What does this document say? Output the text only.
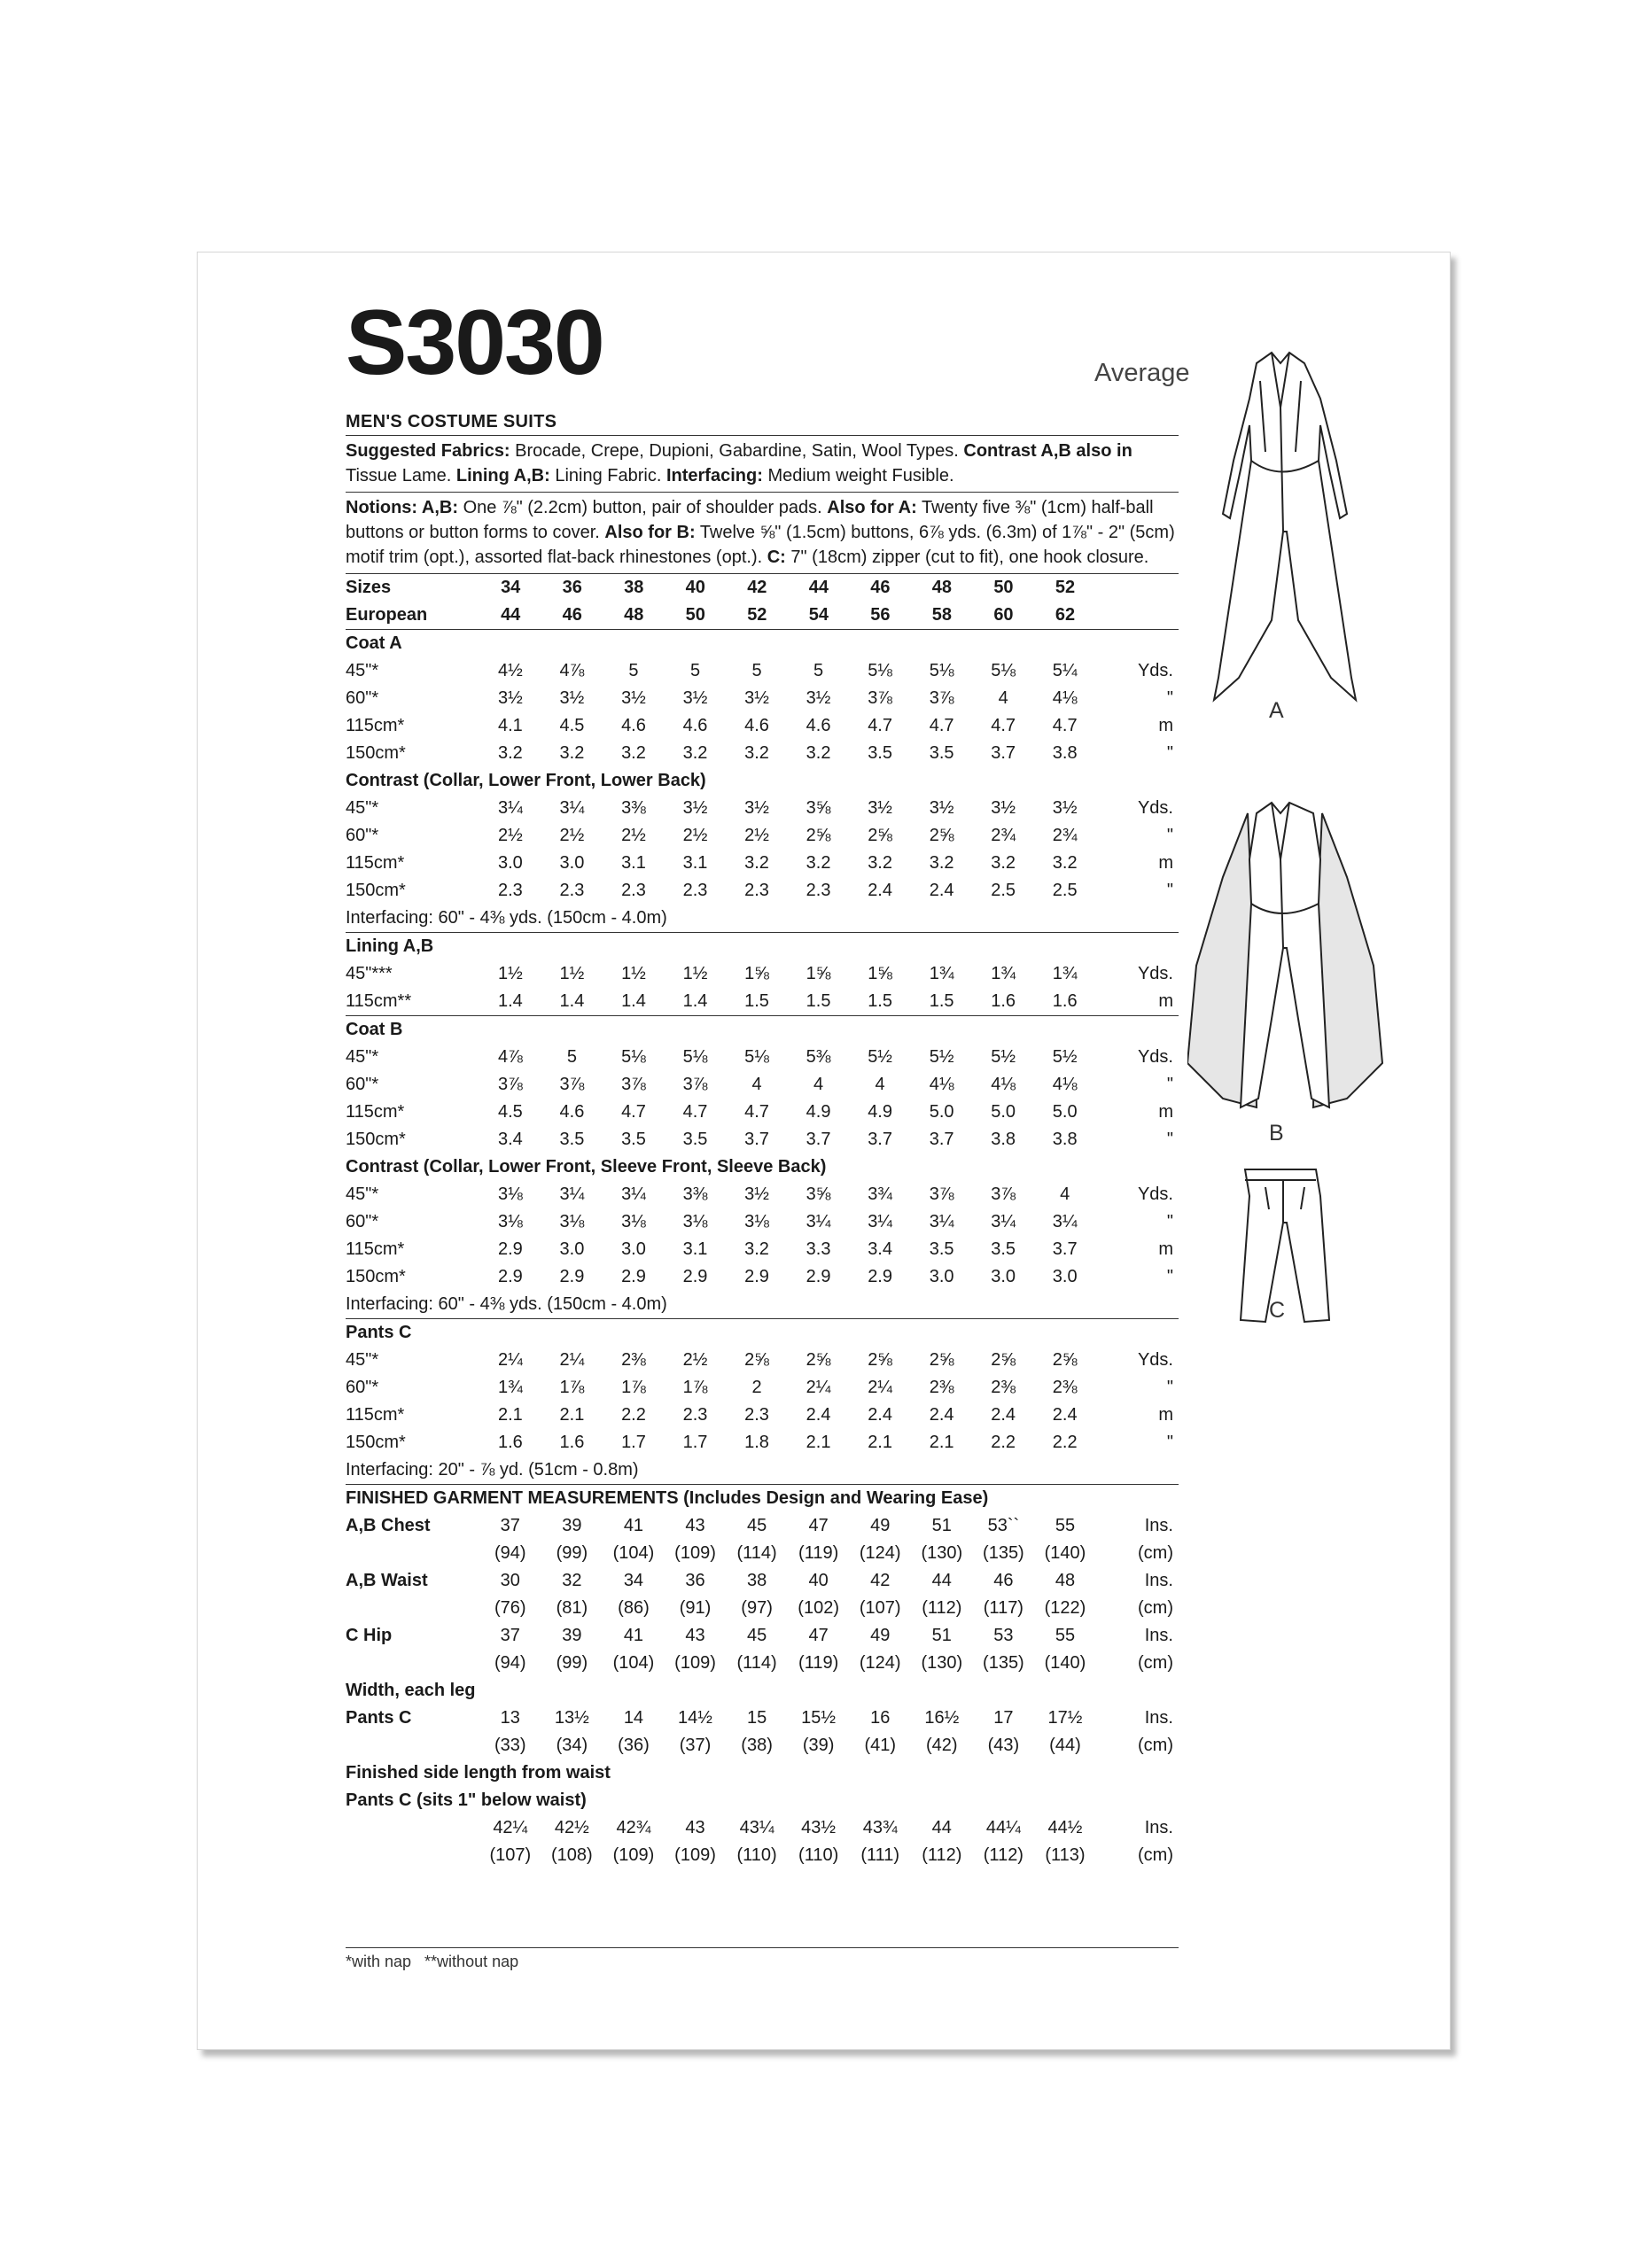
S3030	Average
MEN'S COSTUME SUITS
Suggested Fabrics: Brocade, Crepe, Dupioni, Gabardine, Satin, Wool Types. Contrast A,B also in Tissue Lame. Lining A,B: Lining Fabric. Interfacing: Medium weight Fusible.
Notions: A,B: One ⅞" (2.2cm) button, pair of shoulder pads. Also for A: Twenty five ⅜" (1cm) half-ball buttons or button forms to cover. Also for B: Twelve ⅝" (1.5cm) buttons, 6⅞ yds. (6.3m) of 1⅞" - 2" (5cm) motif trim (opt.), assorted flat-back rhinestones (opt.). C: 7" (18cm) zipper (cut to fit), one hook closure.
Sizes	34	36	38	40	42	44	46	48	50	52	
European	44	46	48	50	52	54	56	58	60	62	
Coat A											
45"*	4½	4⅞	5	5	5	5	5⅛	5⅛	5⅛	5¼	Yds.
60"*	3½	3½	3½	3½	3½	3½	3⅞	3⅞	4	4⅛	"
115cm*	4.1	4.5	4.6	4.6	4.6	4.6	4.7	4.7	4.7	4.7	m
150cm*	3.2	3.2	3.2	3.2	3.2	3.2	3.5	3.5	3.7	3.8	"
Contrast (Collar, Lower Front, Lower Back)											
45"*	3¼	3¼	3⅜	3½	3½	3⅝	3½	3½	3½	3½	Yds.
60"*	2½	2½	2½	2½	2½	2⅝	2⅝	2⅝	2¾	2¾	"
115cm*	3.0	3.0	3.1	3.1	3.2	3.2	3.2	3.2	3.2	3.2	m
150cm*	2.3	2.3	2.3	2.3	2.3	2.3	2.4	2.4	2.5	2.5	"
Interfacing: 60" - 4⅜ yds. (150cm - 4.0m)											
Lining A,B											
45"***	1½	1½	1½	1½	1⅝	1⅝	1⅝	1¾	1¾	1¾	Yds.
115cm**	1.4	1.4	1.4	1.4	1.5	1.5	1.5	1.5	1.6	1.6	m
Coat B											
45"*	4⅞	5	5⅛	5⅛	5⅛	5⅜	5½	5½	5½	5½	Yds.
60"*	3⅞	3⅞	3⅞	3⅞	4	4	4	4⅛	4⅛	4⅛	"
115cm*	4.5	4.6	4.7	4.7	4.7	4.9	4.9	5.0	5.0	5.0	m
150cm*	3.4	3.5	3.5	3.5	3.7	3.7	3.7	3.7	3.8	3.8	"
Contrast (Collar, Lower Front, Sleeve Front, Sleeve Back)											
45"*	3⅛	3¼	3¼	3⅜	3½	3⅝	3¾	3⅞	3⅞	4	Yds.
60"*	3⅛	3⅛	3⅛	3⅛	3⅛	3¼	3¼	3¼	3¼	3¼	"
115cm*	2.9	3.0	3.0	3.1	3.2	3.3	3.4	3.5	3.5	3.7	m
150cm*	2.9	2.9	2.9	2.9	2.9	2.9	2.9	3.0	3.0	3.0	"
Interfacing: 60" - 4⅜ yds. (150cm - 4.0m)											
Pants C											
45"*	2¼	2¼	2⅜	2½	2⅝	2⅝	2⅝	2⅝	2⅝	2⅝	Yds.
60"*	1¾	1⅞	1⅞	1⅞	2	2¼	2¼	2⅜	2⅜	2⅜	"
115cm*	2.1	2.1	2.2	2.3	2.3	2.4	2.4	2.4	2.4	2.4	m
150cm*	1.6	1.6	1.7	1.7	1.8	2.1	2.1	2.1	2.2	2.2	"
Interfacing: 20" - ⅞ yd. (51cm - 0.8m)											
FINISHED GARMENT MEASUREMENTS (Includes Design and Wearing Ease)											
A,B Chest	37	39	41	43	45	47	49	51	53``	55	Ins.
	(94)	(99)	(104)	(109)	(114)	(119)	(124)	(130)	(135)	(140)	(cm)
A,B Waist	30	32	34	36	38	40	42	44	46	48	Ins.
	(76)	(81)	(86)	(91)	(97)	(102)	(107)	(112)	(117)	(122)	(cm)
C Hip	37	39	41	43	45	47	49	51	53	55	Ins.
	(94)	(99)	(104)	(109)	(114)	(119)	(124)	(130)	(135)	(140)	(cm)
Width, each leg											
Pants C	13	13½	14	14½	15	15½	16	16½	17	17½	Ins.
	(33)	(34)	(36)	(37)	(38)	(39)	(41)	(42)	(43)	(44)	(cm)
Finished side length from waist											
Pants C (sits 1" below waist)											
	42¼	42½	42¾	43	43¼	43½	43¾	44	44¼	44½	Ins.
	(107)	(108)	(109)	(109)	(110)	(110)	(111)	(112)	(112)	(113)	(cm)
*with nap   **without nap
A
B
C
